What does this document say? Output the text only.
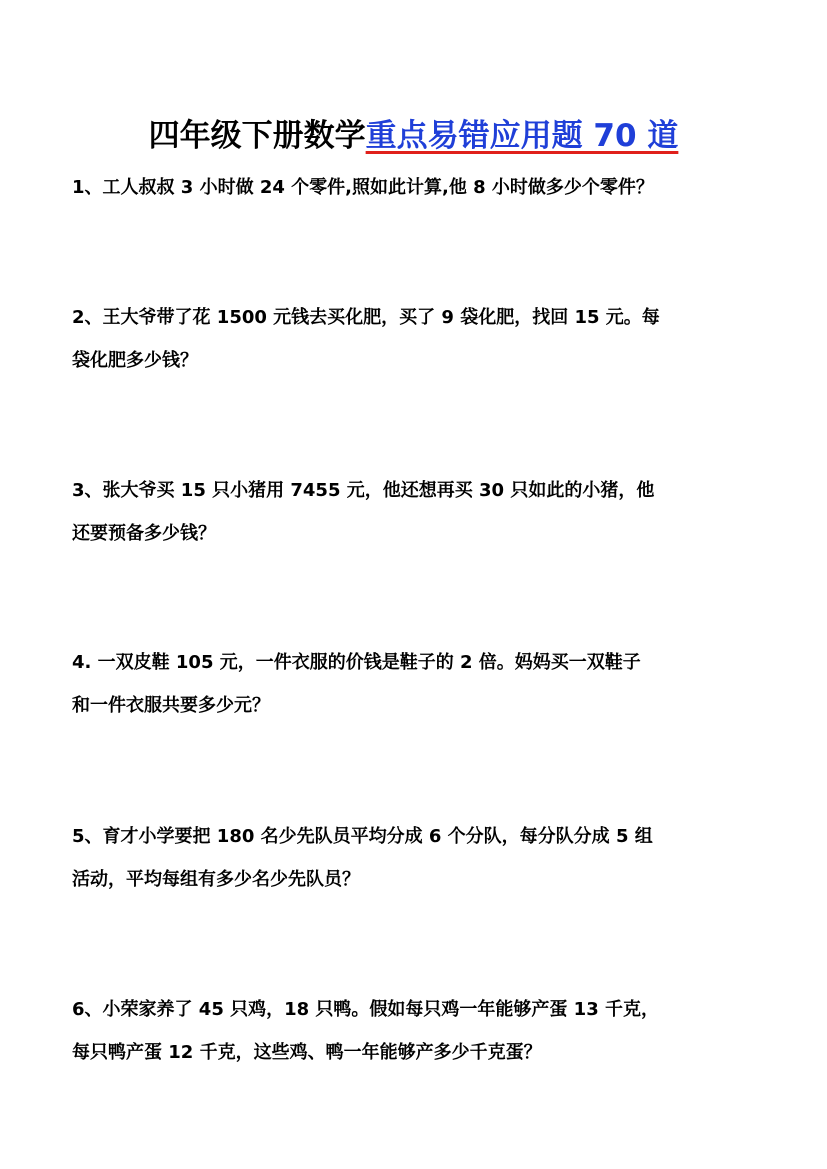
四年级下册数学重点易错应用题 70 道
1、工人叔叔 3 小时做 24 个零件,照如此计算,他 8 小时做多少个零件？
2、王大爷带了花 1500 元钱去买化肥，买了 9 袋化肥，找回 15 元。每
袋化肥多少钱？
3、张大爷买 15 只小猪用 7455 元，他还想再买 30 只如此的小猪，他
还要预备多少钱？
4. 一双皮鞋 105 元，一件衣服的价钱是鞋子的 2 倍。妈妈买一双鞋子
和一件衣服共要多少元？
5、育才小学要把 180 名少先队员平均分成 6 个分队，每分队分成 5 组
活动，平均每组有多少名少先队员？
6、小荣家养了 45 只鸡，18 只鸭。假如每只鸡一年能够产蛋 13 千克，
每只鸭产蛋 12 千克，这些鸡、鸭一年能够产多少千克蛋？
